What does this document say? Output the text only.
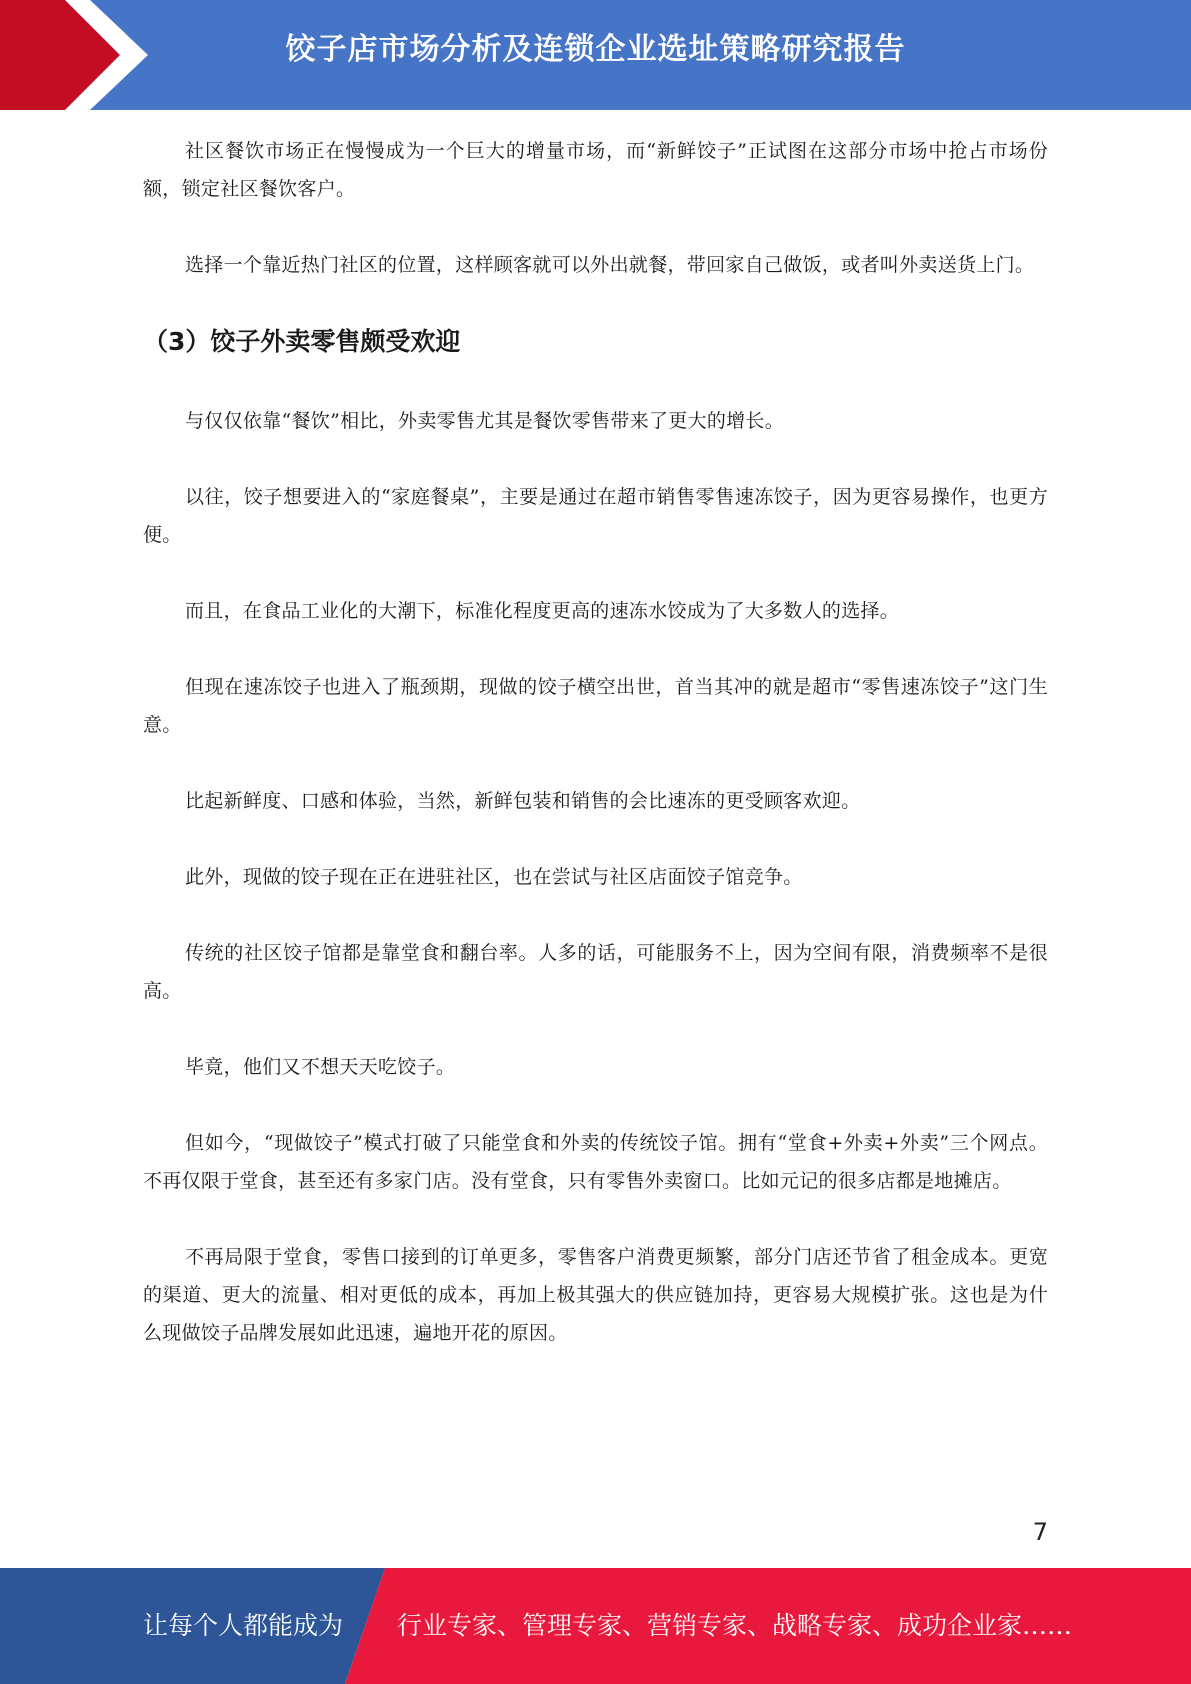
饺子店市场分析及连锁企业选址策略研究报告

社区餐饮市场正在慢慢成为一个巨大的增量市场，而“新鲜饺子”正试图在这部分市场中抢占市场份额，锁定社区餐饮客户。

选择一个靠近热门社区的位置，这样顾客就可以外出就餐，带回家自己做饭，或者叫外卖送货上门。

（3）饺子外卖零售颇受欢迎

与仅仅依靠“餐饮”相比，外卖零售尤其是餐饮零售带来了更大的增长。

以往，饺子想要进入的“家庭餐桌”，主要是通过在超市销售零售速冻饺子，因为更容易操作，也更方便。

而且，在食品工业化的大潮下，标准化程度更高的速冻水饺成为了大多数人的选择。

但现在速冻饺子也进入了瓶颈期，现做的饺子横空出世，首当其冲的就是超市“零售速冻饺子”这门生意。

比起新鲜度、口感和体验，当然，新鲜包装和销售的会比速冻的更受顾客欢迎。

此外，现做的饺子现在正在进驻社区，也在尝试与社区店面饺子馆竞争。

传统的社区饺子馆都是靠堂食和翻台率。人多的话，可能服务不上，因为空间有限，消费频率不是很高。

毕竟，他们又不想天天吃饺子。

但如今，“现做饺子”模式打破了只能堂食和外卖的传统饺子馆。拥有“堂食+外卖+外卖”三个网点。不再仅限于堂食，甚至还有多家门店。没有堂食，只有零售外卖窗口。比如元记的很多店都是地摊店。

不再局限于堂食，零售口接到的订单更多，零售客户消费更频繁，部分门店还节省了租金成本。更宽的渠道、更大的流量、相对更低的成本，再加上极其强大的供应链加持，更容易大规模扩张。这也是为什么现做饺子品牌发展如此迅速，遍地开花的原因。

7
让每个人都能成为 行业专家、管理专家、营销专家、战略专家、成功企业家……
